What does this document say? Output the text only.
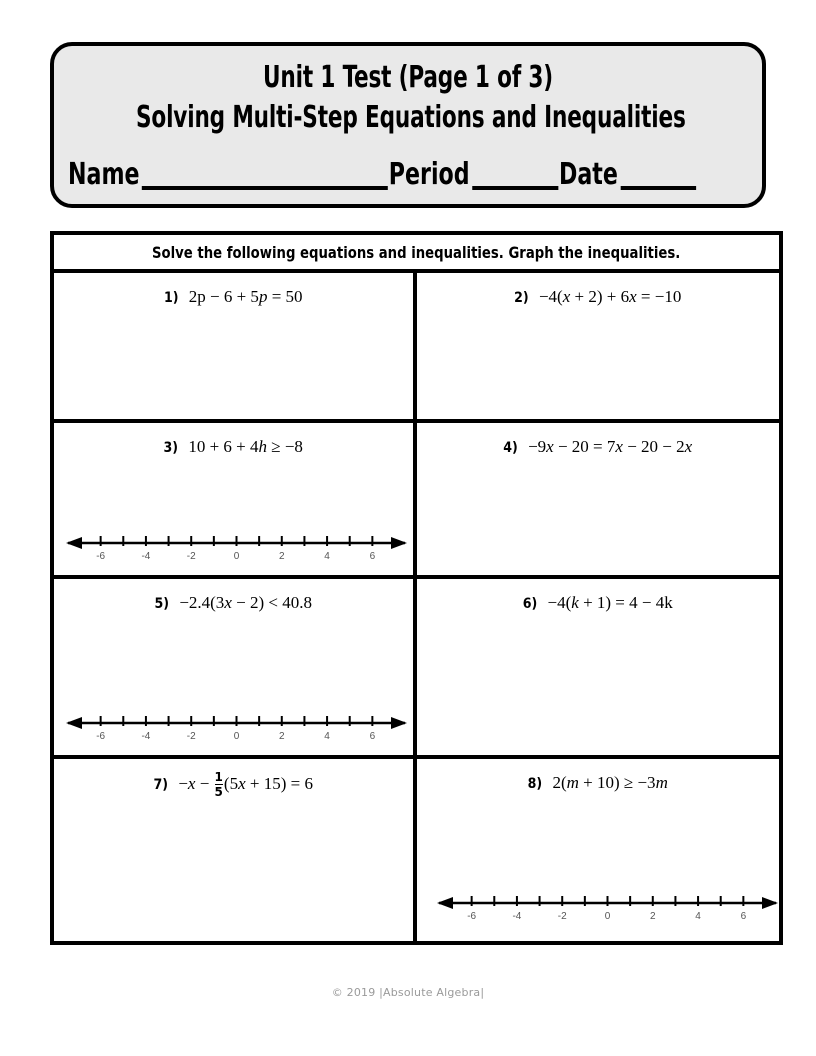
Unit 1 Test (Page 1 of 3)
Solving Multi-Step Equations and Inequalities
Name	Period	Date
Solve the following equations and inequalities. Graph the inequalities.
1) 2p − 6 + 5p = 50	2) −4(x + 2) + 6x = −10
3) 10 + 6 + 4h ≥ −8
-6	-4	-2	0	2	4	6
4) −9x − 20 = 7x − 20 − 2x
5) −2.4(3x − 2) < 40.8
-6	-4	-2	0	2	4	6
6) −4(k + 1) = 4 − 4k
$7) -x - \frac{1}{5} (5x + 15) = 6$	8) 2(m + 10) ≥ −3m
-6	-4	-2	0	2	4	6
© 2019 |Absolute Algebra|
